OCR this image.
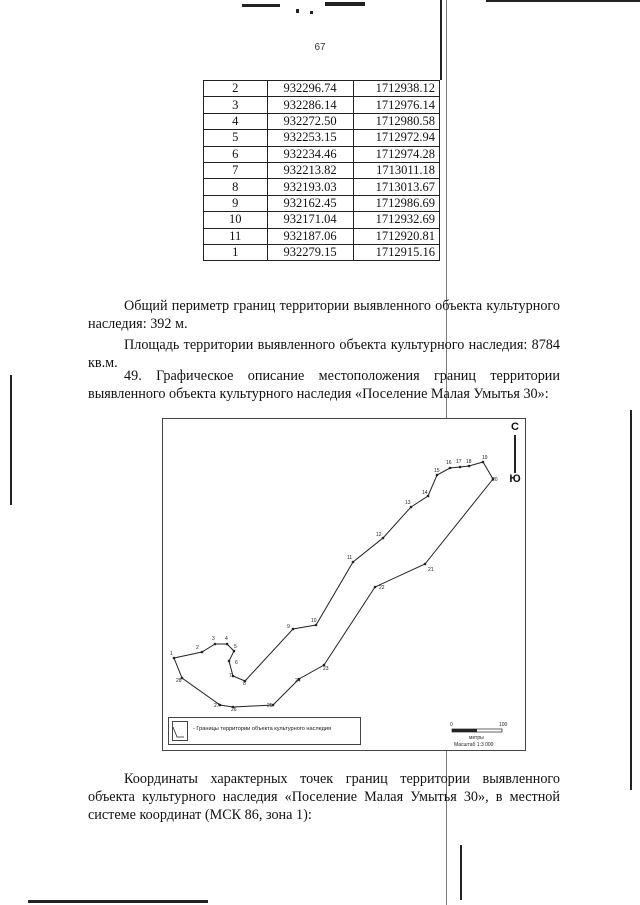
67
2	932296.74	1712938.12
3	932286.14	1712976.14
4	932272.50	1712980.58
5	932253.15	1712972.94
6	932234.46	1712974.28
7	932213.82	1713011.18
8	932193.03	1713013.67
9	932162.45	1712986.69
10	932171.04	1712932.69
11	932187.06	1712920.81
1	932279.15	1712915.16
Общий периметр границ территории выявленного объекта культурного наследия: 392 м.
Площадь территории выявленного объекта культурного наследия: 8784 кв.м.
49. Графическое описание местоположения границ территории выявленного объекта культурного наследия «Поселение Малая Умытья 30»:
1
2
3 4
5
6
7
8
9
10
11
12
13
14
15
16 17 18
19
20
21
22
23
24
25
26
27
28
С
Ю
- Границы территории объекта культурного наследия
0	100
метры
Масштаб 1:3 000
Координаты характерных точек границ территории выявленного объекта культурного наследия «Поселение Малая Умытья 30», в местной системе координат (МСК 86, зона 1):
